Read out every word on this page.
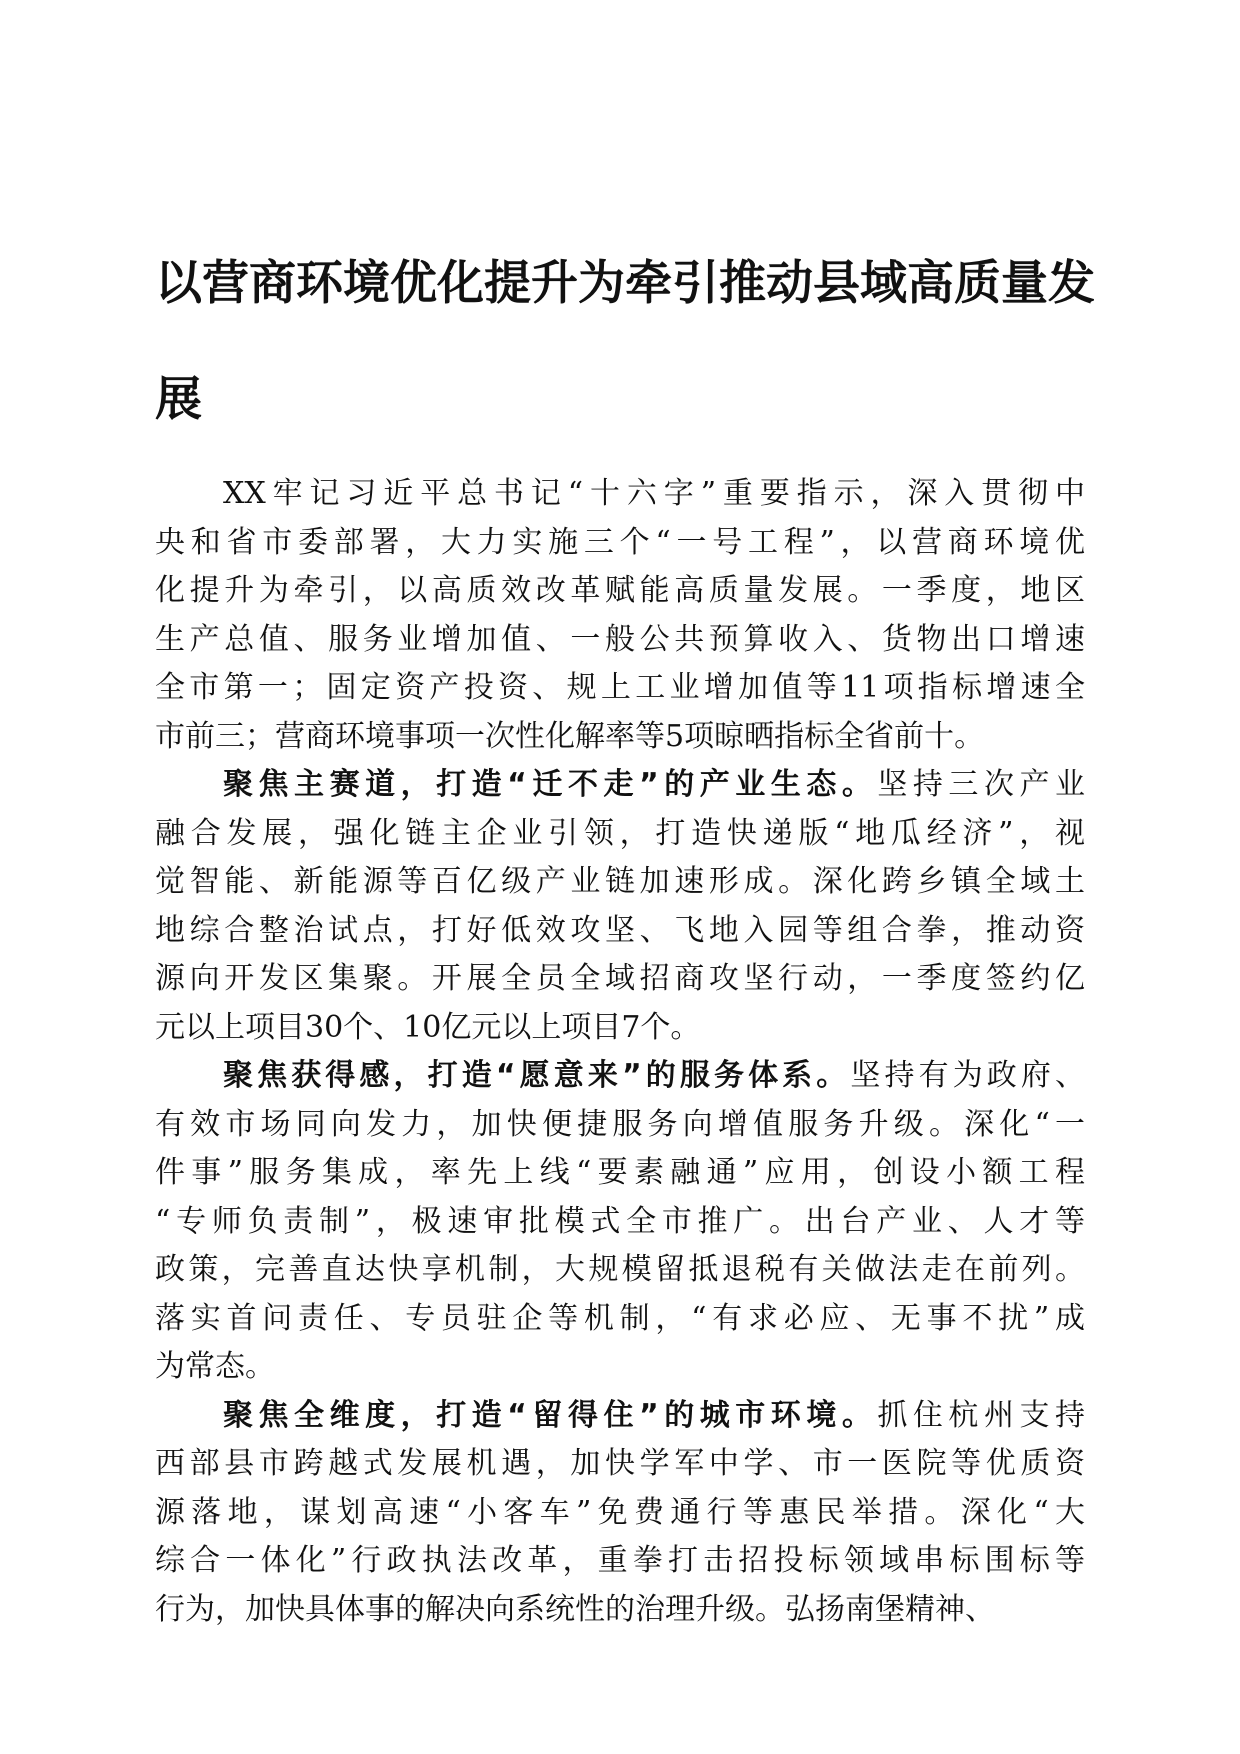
以营商环境优化提升为牵引推动县域高质量发
展

XX牢记习近平总书记“十六字”重要指示，深入贯彻中
央和省市委部署，大力实施三个“一号工程”，以营商环境优
化提升为牵引，以高质效改革赋能高质量发展。一季度，地区
生产总值、服务业增加值、一般公共预算收入、货物出口增速
全市第一；固定资产投资、规上工业增加值等11项指标增速全
市前三；营商环境事项一次性化解率等5项晾晒指标全省前十。

聚焦主赛道，打造“迁不走”的产业生态。坚持三次产业
融合发展，强化链主企业引领，打造快递版“地瓜经济”，视
觉智能、新能源等百亿级产业链加速形成。深化跨乡镇全域土
地综合整治试点，打好低效攻坚、飞地入园等组合拳，推动资
源向开发区集聚。开展全员全域招商攻坚行动，一季度签约亿
元以上项目30个、10亿元以上项目7个。

聚焦获得感，打造“愿意来”的服务体系。坚持有为政府、
有效市场同向发力，加快便捷服务向增值服务升级。深化“一
件事”服务集成，率先上线“要素融通”应用，创设小额工程
“专师负责制”，极速审批模式全市推广。出台产业、人才等
政策，完善直达快享机制，大规模留抵退税有关做法走在前列。
落实首问责任、专员驻企等机制，“有求必应、无事不扰”成
为常态。

聚焦全维度，打造“留得住”的城市环境。抓住杭州支持
西部县市跨越式发展机遇，加快学军中学、市一医院等优质资
源落地，谋划高速“小客车”免费通行等惠民举措。深化“大
综合一体化”行政执法改革，重拳打击招投标领域串标围标等
行为，加快具体事的解决向系统性的治理升级。弘扬南堡精神、
